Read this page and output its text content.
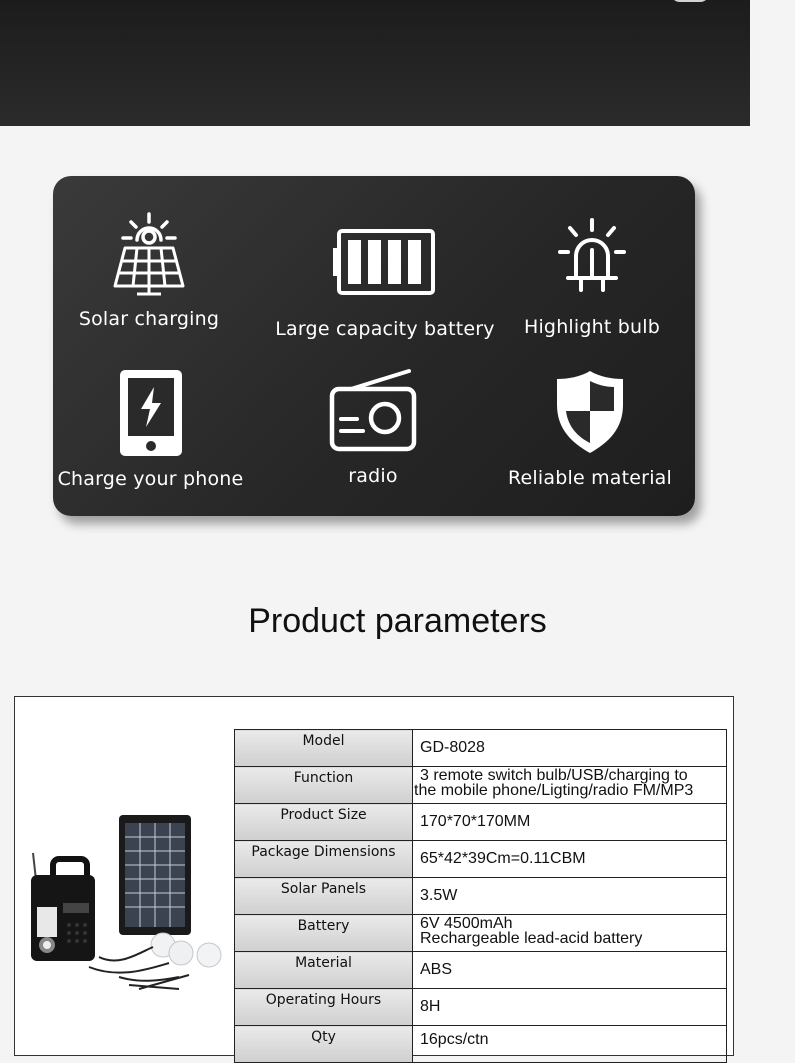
Solar charging	Large capacity battery Highlight bulb
Charge your phone	radio	Reliable material
Product parameters
Model	GD-8028
Function	3 remote switch bulb/USB/charging to
the mobile phone/Ligting/radio FM/MP3

Product Size	170*70*170MM
Package Dimensions	65*42*39Cm=0.11CBM
Solar Panels	3.5W
Battery	6V 4500mAh
Rechargeable lead-acid battery

Material	ABS
Operating Hours	8H
Qty	16pcs/ctn
